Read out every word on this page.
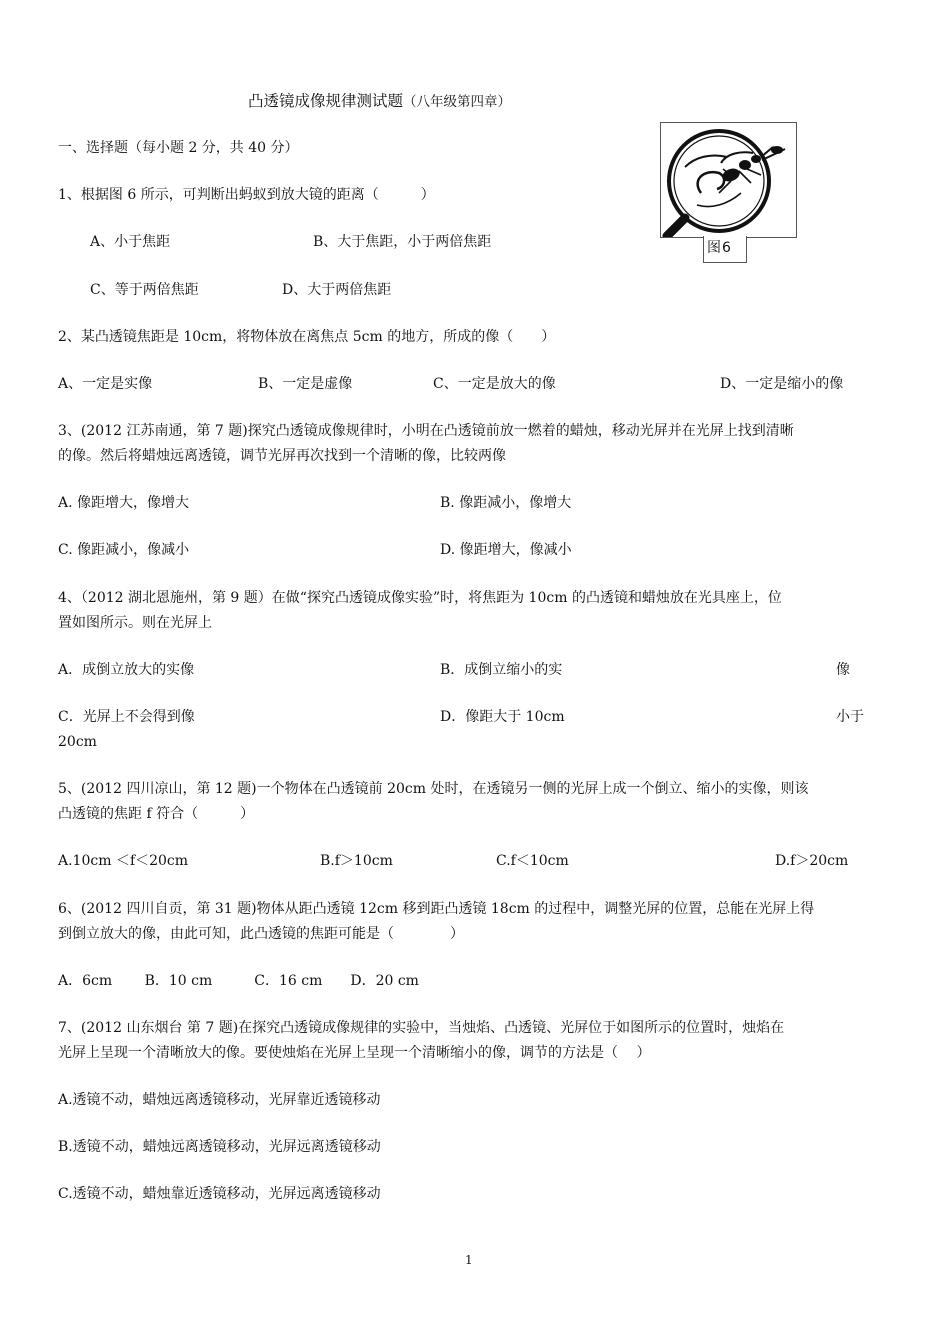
凸透镜成像规律测试题（八年级第四章）
一、选择题（每小题 2 分，共 40 分）
图6
1、根据图 6 所示，可判断出蚂蚁到放大镜的距离（　　　）
A、小于焦距	B、大于焦距，小于两倍焦距
C、等于两倍焦距	D、大于两倍焦距
2、某凸透镜焦距是 10cm，将物体放在离焦点 5cm 的地方，所成的像（　　）
A、一定是实像	B、一定是虚像	C、一定是放大的像	D、一定是缩小的像
3、(2012 江苏南通，第 7 题)探究凸透镜成像规律时，小明在凸透镜前放一燃着的蜡烛，移动光屏并在光屏上找到清晰
的像。然后将蜡烛远离透镜，调节光屏再次找到一个清晰的像，比较两像
A. 像距增大，像增大	B. 像距减小，像增大
C. 像距减小，像减小	D. 像距增大，像减小
4、（2012 湖北恩施州，第 9 题）在做“探究凸透镜成像实验”时，将焦距为 10cm 的凸透镜和蜡烛放在光具座上，位
置如图所示。则在光屏上
A．成倒立放大的实像	B．成倒立缩小的实	像
C．光屏上不会得到像	D．像距大于 10cm	小于
20cm
5、(2012 四川凉山，第 12 题)一个物体在凸透镜前 20cm 处时，在透镜另一侧的光屏上成一个倒立、缩小的实像，则该
凸透镜的焦距 f 符合（　　　）
A.10cm ＜f＜20cm	B.f＞10cm	C.f＜10cm	D.f＞20cm
6、(2012 四川自贡，第 31 题)物体从距凸透镜 12cm 移到距凸透镜 18cm 的过程中，调整光屏的位置，总能在光屏上得
到倒立放大的像，由此可知，此凸透镜的焦距可能是（　　　　）
A．6cm　　 B．10 cm　　　C．16 cm　　D．20 cm
7、(2012 山东烟台 第 7 题)在探究凸透镜成像规律的实验中，当烛焰、凸透镜、光屏位于如图所示的位置时，烛焰在
光屏上呈现一个清晰放大的像。要使烛焰在光屏上呈现一个清晰缩小的像，调节的方法是（　 ）
A.透镜不动，蜡烛远离透镜移动，光屏靠近透镜移动
B.透镜不动，蜡烛远离透镜移动，光屏远离透镜移动
C.透镜不动，蜡烛靠近透镜移动，光屏远离透镜移动
1
